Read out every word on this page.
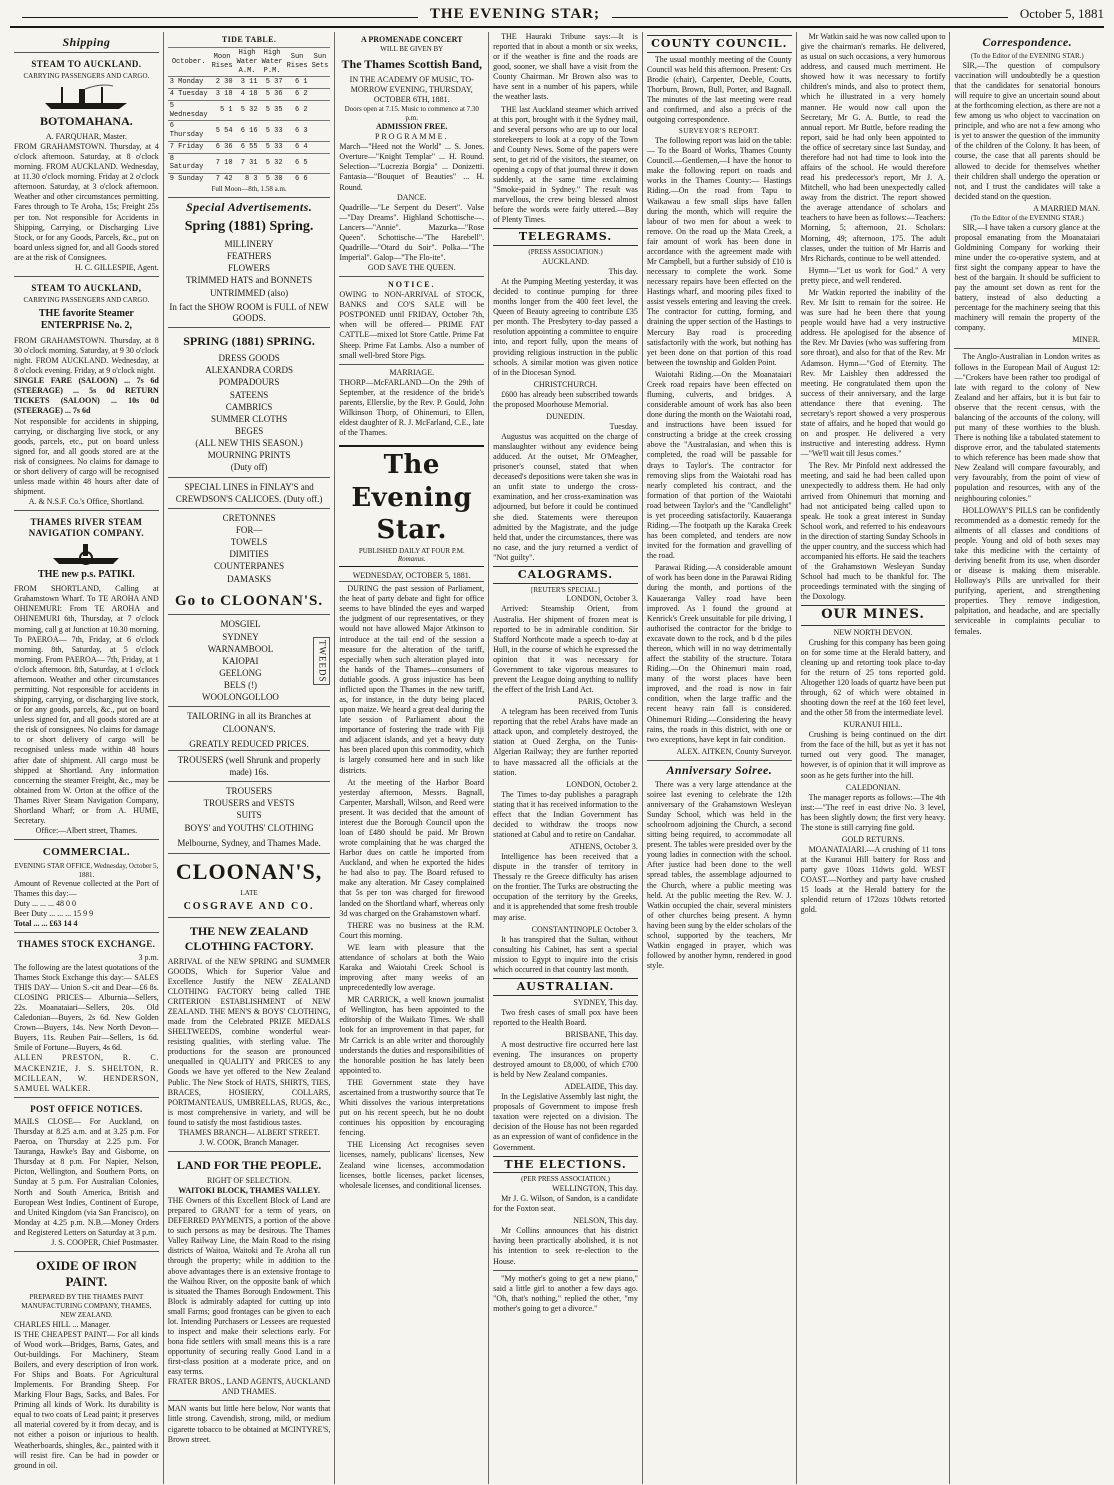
THE EVENING STAR;	October 5, 1881
Shipping
STEAM TO AUCKLAND.
CARRYING PASSENGERS AND CARGO.
BOTOMAHANA.
A. FARQUHAR, Master.
FROM GRAHAMSTOWN. Thursday, at 4 o'clock afternoon. Saturday, at 8 o'clock morning. FROM AUCKLAND. Wednesday, at 11.30 o'clock morning. Friday at 2 o'clock afternoon. Saturday, at 3 o'clock afternoon. Weather and other circumstances permitting. Fares through to Te Aroha, 15s; Freight 25s per ton. Not responsible for Accidents in Shipping, Carrying, or Discharging Live Stock, or for any Goods, Parcels, &c., put on board unless signed for, and all Goods stored are at the risk of Consignees.
H. C. GILLESPIE, Agent.
STEAM TO AUCKLAND,
CARRYING PASSENGERS AND CARGO.
THE favorite Steamer ENTERPRISE No. 2,
FROM GRAHAMSTOWN. Thursday, at 8 30 o'clock morning. Saturday, at 9 30 o'clock night. FROM AUCKLAND. Wednesday, at 8 o'clock evening. Friday, at 9 o'clock night.
SINGLE FARE (SALOON) ... 7s 6d (STEERAGE) ... 5s 0d RETURN TICKETS (SALOON) ... 10s 0d (STEERAGE) ... 7s 6d
Not responsible for accidents in shipping, carrying, or discharging live stock, or any goods, parcels, etc., put on board unless signed for, and all goods stored are at the risk of consignees. No claims for damage to or short delivery of cargo will be recognised unless made within 48 hours after date of shipment.
A. & N.S.F. Co.'s Office, Shortland.
THAMES RIVER STEAM NAVIGATION COMPANY.
THE new p.s. PATIKI.
FROM SHORTLAND, Calling at Grahamstown Wharf. To TE AROHA AND OHINEMURI: From TE AROHA and OHINEMURI 6th, Thursday, at 7 o'clock morning, call g at Junction at 10.30 morning. To PAEROA— 7th, Friday, at 6 o'clock morning. 8th, Saturday, at 5 o'clock morning. From PAEROA— 7th, Friday, at 1 o'clock afternoon. 8th, Saturday, at 1 o'clock afternoon. Weather and other circumstances permitting. Not responsible for accidents in shipping, carrying, or discharging live stock, or for any goods, parcels, &c., put on board unless signed for, and all goods stored are at the risk of consignees. No claims for damage to or short delivery of cargo will be recognised unless made within 48 hours after date of shipment. All cargo must be shipped at Shortland. Any information concerning the steamer Freight, &c., may be obtained from W. Orton at the office of the Thames River Steam Navigation Company, Shortland Wharf; or from A. HUME, Secretary.
Office:—Albert street, Thames.
COMMERCIAL.
EVENING STAR OFFICE, Wednesday, October 5, 1881.
Amount of Revenue collected at the Port of Thames this day:—
Duty ... ... ... 48 0 0
Beer Duty ... ... ... 15 9 9
Total ... ... £63 14 4
THAMES STOCK EXCHANGE.
3 p.m.
The following are the latest quotations of the Thames Stock Exchange this day:— SALES THIS DAY— Union S.-cit and Dear—£6 8s. CLOSING PRICES— Alburnia—Sellers, 22s. Moanataiari—Sellers, 20s. Old Caledonian—Buyers, 2s 6d. New Golden Crown—Buyers, 14s. New North Devon—Buyers, 11s. Reuben Pair—Sellers, 1s 6d. Smile of Fortune—Buyers, 4s 6d.
ALLEN PRESTON, R. C. MACKENZIE, J. S. SHELTON, R. MCILLEAN, W. HENDERSON, SAMUEL WALKER.
POST OFFICE NOTICES.
MAILS CLOSE— For Auckland, on Thursday at 8.25 a.m. and at 3.25 p.m. For Paeroa, on Thursday at 2.25 p.m. For Tauranga, Hawke's Bay and Gisborne, on Thursday at 8 p.m. For Napier, Nelson, Picton, Wellington, and Southern Ports, on Sunday at 5 p.m. For Australian Colonies, North and South America, British and European West Indies, Continent of Europe, and United Kingdom (via San Francisco), on Monday at 4.25 p.m. N.B.—Money Orders and Registered Letters on Saturday at 3 p.m.
J. S. COOPER, Chief Postmaster.
OXIDE OF IRON PAINT.
PREPARED BY THE THAMES PAINT MANUFACTURING COMPANY, THAMES, NEW ZEALAND.
CHARLES HILL ... Manager.
IS THE CHEAPEST PAINT— For all kinds of Wood work—Bridges, Barns, Gates, and Out-buildings. For Machinery, Steam Boilers, and every description of Iron work. For Ships and Boats. For Agricultural Implements. For Branding Sheep. For Marking Flour Bags, Sacks, and Bales. For Priming all kinds of Work. Its durability is equal to two coats of Lead paint; it preserves all material covered by it from decay, and is not either a poison or injurious to health. Weatherboards, shingles, &c., painted with it will resist fire. Can be had in powder or ground in oil.
TIDE TABLE.
October.	Moon Rises	High Water A.M.	High Water P.M.	Sun Rises	Sun Sets
3 Monday	2 30	3 11	5 37	6 1	
4 Tuesday	3 18	4 18	5 36	6 2	
5 Wednesday	5 1	5 32	5 35	6 2	
6 Thursday	5 54	6 16	5 33	6 3	
7 Friday	6 36	6 55	5 33	6 4	
8 Saturday	7 10	7 31	5 32	6 5	
9 Sunday	7 42	8 3	5 30	6 6	
Full Moon—8th, 1.58 a.m.
Special Advertisements.
Spring (1881) Spring.
MILLINERY
FEATHERS
FLOWERS
TRIMMED HATS and BONNETS
UNTRIMMED (also)
In fact the SHOW ROOM is FULL of NEW GOODS.
SPRING (1881) SPRING.
DRESS GOODS
ALEXANDRA CORDS
POMPADOURS
SATEENS
CAMBRICS
SUMMER CLOTHS
BEGES
(ALL NEW THIS SEASON.)
MOURNING PRINTS
(Duty off)
SPECIAL LINES in FINLAY'S and CREWDSON'S CALICOES. (Duty off.)
CRETONNES
FOR—
TOWELS
DIMITIES
COUNTERPANES
DAMASKS
Go to CLOONAN'S.
MOSGIEL
SYDNEY
WARNAMBOOL
KAIOPAI
GEELONG
BELS (!)
WOOLONGOLLOO
TWEEDS
TAILORING in all its Branches at CLOONAN'S.
GREATLY REDUCED PRICES.
TROUSERS (well Shrunk and properly made) 16s.
TROUSERS
TROUSERS and VESTS
SUITS
BOYS' and YOUTHS' CLOTHING
Melbourne, Sydney, and Thames Made.
CLOONAN'S,
LATE
COSGRAVE AND CO.
THE NEW ZEALAND CLOTHING FACTORY.
ARRIVAL of the NEW SPRING and SUMMER GOODS, Which for Superior Value and Excellence Justify the NEW ZEALAND CLOTHING FACTORY being called THE CRITERION ESTABLISHMENT of NEW ZEALAND. THE MEN'S & BOYS' CLOTHING, made from the Celebrated PRIZE MEDALS SHELTWEEDS, combine wonderful wear-resisting qualities, with sterling value. The productions for the season are pronounced unequalled in QUALITY and PRICES to any Goods we have yet offered to the New Zealand Public. The New Stock of HATS, SHIRTS, TIES, BRACES, HOSIERY, COLLARS, PORTMANTEAUS, UMBRELLAS, RUGS, &c., is most comprehensive in variety, and will be found to satisfy the most fastidious tastes.
THAMES BRANCH— ALBERT STREET.
J. W. COOK, Branch Manager.
LAND FOR THE PEOPLE.
RIGHT OF SELECTION.
WAITOKI BLOCK, THAMES VALLEY.
THE Owners of this Excellent Block of Land are prepared to GRANT for a term of years, on DEFERRED PAYMENTS, a portion of the above to such persons as may be desirous. The Thames Valley Railway Line, the Main Road to the rising districts of Waitoa, Waitoki and Te Aroha all run through the property; while in addition to the above advantages there is an extensive frontage to the Waihou River, on the opposite bank of which is situated the Thames Borough Endowment. This Block is admirably adapted for cutting up into small Farms; good frontages can be given to each lot. Intending Purchasers or Lessees are requested to inspect and make their selections early. For bona fide settlers with small means this is a rare opportunity of securing really Good Land in a first-class position at a moderate price, and on easy terms.
FRATER BROS., LAND AGENTS, AUCKLAND AND THAMES.
MAN wants but little here below, Nor wants that little strong. Cavendish, strong, mild, or medium cigarette tobacco to be obtained at MCINTYRE'S, Brown street.
A PROMENADE CONCERT
WILL BE GIVEN BY
The Thames Scottish Band,
IN THE ACADEMY OF MUSIC, TO-MORROW EVENING, THURSDAY, OCTOBER 6TH, 1881.
Doors open at 7.15. Music to commence at 7.30 p.m.
ADMISSION FREE.
PROGRAMME.
March—"Heed not the World" ... S. Jones. Overture—"Knight Templar" ... H. Round. Selection—"Lucrezia Borgia" ... Donizetti. Fantasia—"Bouquet of Beauties" ... H. Round.
DANCE.
Quadrille—"Le Serpent du Desert". Valse—"Day Dreams". Highland Schottische—. Lancers—"Annie". Mazurka—"Rose Queen". Schottische—"The Harebell". Quadrille—"Otard du Soir". Polka—"The Imperial". Galop—"The Flo-ite".
GOD SAVE THE QUEEN.
NOTICE.
OWING to NON-ARRIVAL of STOCK, BANKS and CO'S SALE will be POSTPONED until FRIDAY, October 7th, when will be offered— PRIME FAT CATTLE—mixed lot Store Cattle. Prime Fat Sheep. Prime Fat Lambs. Also a number of small well-bred Store Pigs.
MARRIAGE.
THORP—McFARLAND—On the 29th of September, at the residence of the bride's parents, Ellerslie, by the Rev. P. Gould, John Wilkinson Thorp, of Ohinemuri, to Ellen, eldest daughter of R. J. McFarland, C.E., late of the Thames.
The Evening Star.
PUBLISHED DAILY AT FOUR P.M.
Romanus.
WEDNESDAY, OCTOBER 5, 1881.
DURING the past session of Parliament, the heat of party debate and fight for office seems to have blinded the eyes and warped the judgment of our representatives, or they would not have allowed Major Atkinson to introduce at the tail end of the session a measure for the alteration of the tariff, especially when such alteration played into the hands of the Thames—consumers of dutiable goods. A gross injustice has been inflicted upon the Thames in the new tariff, as, for instance, in the duty being placed upon maize. We heard a great deal during the late session of Parliament about the importance of fostering the trade with Fiji and adjacent islands, and yet a heavy duty has been placed upon this commodity, which is largely consumed here and in such like districts.
At the meeting of the Harbor Board yesterday afternoon, Messrs. Bagnall, Carpenter, Marshall, Wilson, and Reed were present. It was decided that the amount of interest due the Borough Council upon the loan of £480 should be paid. Mr Brown wrote complaining that he was charged the Harbor dues on cattle he imported from Auckland, and when he exported the hides he had also to pay. The Board refused to make any alteration. Mr Casey complained that 5s per ton was charged for firewood landed on the Shortland wharf, whereas only 3d was charged on the Grahamstown wharf.
THERE was no business at the R.M. Court this morning.
WE learn with pleasure that the attendance of scholars at both the Waio Karaka and Waiotahi Creek School is improving after many weeks of an unprecedentedly low average.
MR CARRICK, a well known journalist of Wellington, has been appointed to the editorship of the Waikato Times. We shall look for an improvement in that paper, for Mr Carrick is an able writer and thoroughly understands the duties and responsibilities of the honorable position he has lately been appointed to.
THE Government state they have ascertained from a trustworthy source that Te Whiti dissolves the various interpretations put on his recent speech, but he no doubt continues his opposition by encouraging fencing.
THE Licensing Act recognises seven licenses, namely, publicans' licenses, New Zealand wine licenses, accommodation licenses, bottle licenses, packet licenses, wholesale licenses, and conditional licenses.
THE Hauraki Tribune says:—It is reported that in about a month or six weeks, or if the weather is fine and the roads are good, sooner, we shall have a visit from the County Chairman. Mr Brown also was to have sent in a number of his papers, while the weather lasts.
THE last Auckland steamer which arrived at this port, brought with it the Sydney mail, and several persons who are up to our local storekeepers to look at a copy of the Town and County News. Some of the papers were sent, to get rid of the visitors, the steamer, on opening a copy of that journal threw it down suddenly, at the same time exclaiming "Smoke-paid in Sydney." The result was marvellous, the crew being blessed almost before the words were fairly uttered.—Bay of Plenty Times.
TELEGRAMS.
(PRESS ASSOCIATION.)
AUCKLAND.
This day.
At the Pumping Meeting yesterday, it was decided to continue pumping for three months longer from the 400 feet level, the Queen of Beauty agreeing to contribute £35 per month. The Presbytery to-day passed a resolution appointing a committee to enquire into, and report fully, upon the means of providing religious instruction in the public schools. A similar motion was given notice of in the Diocesan Synod.
CHRISTCHURCH.
£600 has already been subscribed towards the proposed Moorhouse Memorial.
DUNEDIN.
Tuesday.
Augustus was acquitted on the charge of manslaughter without any evidence being adduced. At the outset, Mr O'Meagher, prisoner's counsel, stated that when deceased's depositions were taken she was in an unfit state to undergo the cross-examination, and her cross-examination was adjourned, but before it could be continued she died. Statements were thereupon admitted by the Magistrate, and the judge held that, under the circumstances, there was no case, and the jury returned a verdict of "Not guilty".
CALOGRAMS.
[REUTER'S SPECIAL.]
LONDON, October 3.
Arrived: Steamship Orient, from Australia. Her shipment of frozen meat is reported to be in admirable condition. Sir Stafford Northcote made a speech to-day at Hull, in the course of which he expressed the opinion that it was necessary for Government to take vigorous measures to prevent the League doing anything to nullify the effect of the Irish Land Act.
PARIS, October 3.
A telegram has been received from Tunis reporting that the rebel Arabs have made an attack upon, and completely destroyed, the station at Oued Zergha, on the Tunis-Algerian Railway; they are further reported to have massacred all the officials at the station.
LONDON, October 2.
The Times to-day publishes a paragraph stating that it has received information to the effect that the Indian Government has decided to withdraw the troops now stationed at Cabul and to retire on Candahar.
ATHENS, October 3.
Intelligence has been received that a dispute in the transfer of territory in Thessaly re the Greece difficulty has arisen on the frontier. The Turks are obstructing the occupation of the territory by the Greeks, and it is apprehended that some fresh trouble may arise.
CONSTANTINOPLE October 3.
It has transpired that the Sultan, without consulting his Cabinet, has sent a special mission to Egypt to inquire into the crisis which occurred in that country last month.
AUSTRALIAN.
SYDNEY, This day.
Two fresh cases of small pox have been reported to the Health Board.
BRISBANE, This day.
A most destructive fire occurred here last evening. The insurances on property destroyed amount to £8,000, of which £700 is held by New Zealand companies.
ADELAIDE, This day.
In the Legislative Assembly last night, the proposals of Government to impose fresh taxation were rejected on a division. The decision of the House has not been regarded as an expression of want of confidence in the Government.
THE ELECTIONS.
(PER PRESS ASSOCIATION.)
WELLINGTON, This day.
Mr J. G. Wilson, of Sandon, is a candidate for the Foxton seat.
NELSON, This day.
Mr Collins announces that his district having been practically abolished, it is not his intention to seek re-election to the House.
"My mother's going to get a new piano," said a little girl to another a few days ago. "Oh, that's nothing," replied the other, "my mother's going to get a divorce."
COUNTY COUNCIL.
The usual monthly meeting of the County Council was held this afternoon. Present: Crs Brodie (chair), Carpenter, Deeble, Coutts, Thorburn, Brown, Bull, Porter, and Bagnall. The minutes of the last meeting were read and confirmed, and also a précis of the outgoing correspondence.
SURVEYOR'S REPORT.
The following report was laid on the table:— To the Board of Works, Thames County Council.—Gentlemen,—I have the honor to make the following report on roads and works in the Thames County:— Hastings Riding.—On the road from Tapu to Waikawau a few small slips have fallen during the month, which will require the labour of two men for about a week to remove. On the road up the Mata Creek, a fair amount of work has been done in accordance with the agreement made with Mr Campbell, but a further subsidy of £10 is necessary to complete the work. Some necessary repairs have been effected on the Hastings wharf, and mooring piles fixed to assist vessels entering and leaving the creek. The contractor for cutting, forming, and draining the upper section of the Hastings to Mercury Bay road is proceeding satisfactorily with the work, but nothing has yet been done on that portion of this road between the township and Golden Point.
Waiotahi Riding.—On the Moanataiari Creek road repairs have been effected on fluming, culverts, and bridges. A considerable amount of work has also been done during the month on the Waiotahi road, and instructions have been issued for constructing a bridge at the creek crossing above the "Australasian, and when this is completed, the road will be passable for drays to Taylor's. The contractor for removing slips from the Waiotahi road has nearly completed his contract, and the formation of that portion of the Waiotahi road between Taylor's and the "Candlelight" is yet proceeding satisfactorily. Kauaeranga Riding.—The footpath up the Karaka Creek has been completed, and tenders are now invited for the formation and gravelling of the road.
Parawai Riding.—A considerable amount of work has been done in the Parawai Riding during the month, and portions of the Kauaeranga Valley road have been improved. As I found the ground at Kenrick's Creek unsuitable for pile driving, I authorised the contractor for the bridge to excavate down to the rock, and b d the piles thereon, which will in no way detrimentally affect the stability of the structure. Totara Riding.—On the Ohinemuri main road, many of the worst places have been improved, and the road is now in fair condition, when the large traffic and the recent heavy rain fall is considered. Ohinemuri Riding.—Considering the heavy rains, the roads in this district, with one or two exceptions, have kept in fair condition.
ALEX. AITKEN, County Surveyor.
Anniversary Soiree.
There was a very large attendance at the soiree last evening to celebrate the 12th anniversary of the Grahamstown Wesleyan Sunday School, which was held in the schoolroom adjoining the Church, a second sitting being required, to accommodate all present. The tables were presided over by the young ladies in connection with the school. After justice had been done to the well spread tables, the assemblage adjourned to the Church, where a public meeting was held. At the public meeting the Rev. W. J. Watkin occupied the chair, several ministers of other churches being present. A hymn having been sung by the elder scholars of the school, supported by the teachers, Mr Watkin engaged in prayer, which was followed by another hymn, rendered in good style.
Mr Watkin said he was now called upon to give the chairman's remarks. He delivered, as usual on such occasions, a very humorous address, and caused much merriment. He showed how it was necessary to fortify children's minds, and also to protect them, which he illustrated in a very homely manner. He would now call upon the Secretary, Mr G. A. Buttle, to read the annual report. Mr Buttle, before reading the report, said he had only been appointed to the office of secretary since last Sunday, and therefore had not had time to look into the affairs of the school. He would therefore read his predecessor's report, Mr J. A. Mitchell, who had been unexpectedly called away from the district. The report showed the average attendance of scholars and teachers to have been as follows:—Teachers: Morning, 5; afternoon, 21. Scholars: Morning, 49; afternoon, 175. The adult classes, under the tuition of Mr Harris and Mrs Richards, continue to be well attended.
Hymn—"Let us work for God." A very pretty piece, and well rendered.
Mr Watkin reported the inability of the Rev. Mr Isitt to remain for the soiree. He was sure had he been there that young people would have had a very instructive address. He apologised for the absence of the Rev. Mr Davies (who was suffering from sore throat), and also for that of the Rev. Mr Adamson. Hymn—"God of Eternity. The Rev. Mr Laishley then addressed the meeting. He congratulated them upon the success of their anniversary, and the large attendance there that evening. The secretary's report showed a very prosperous state of affairs, and he hoped that would go on and prosper. He delivered a very instructive and interesting address. Hymn—"We'll wait till Jesus comes."
The Rev. Mr Pinfold next addressed the meeting, and said he had been called upon unexpectedly to address them. He had only arrived from Ohinemuri that morning and had not anticipated being called upon to speak. He took a great interest in Sunday School work, and referred to his endeavours in the direction of starting Sunday Schools in the upper country, and the success which had accompanied his efforts. He said the teachers of the Grahamstown Wesleyan Sunday School had much to be thankful for. The proceedings terminated with the singing of the Doxology.
OUR MINES.
NEW NORTH DEVON.
Crushing for this company has been going on for some time at the Herald battery, and cleaning up and retorting took place to-day for the return of 25 tons reported gold. Altogether 120 loads of quartz have been put through, 62 of which were obtained in shooting down the reef at the 160 feet level, and the other 58 from the intermediate level.
KURANUI HILL.
Crushing is being continued on the dirt from the face of the hill, but as yet it has not turned out very good. The manager, however, is of opinion that it will improve as soon as he gets further into the hill.
CALEDONIAN.
The manager reports as follows:—The 4th inst:—"The reef in east drive No. 3 level, has been slightly down; the first very heavy. The stone is still carrying fine gold.
GOLD RETURNS.
MOANATAIARI.—A crushing of 11 tons at the Kuranui Hill battery for Ross and party gave 10ozs 11dwts gold. WEST COAST.—Northey and party have crushed 15 loads at the Herald battery for the splendid return of 172ozs 10dwts retorted gold.
Correspondence.
(To the Editor of the EVENING STAR.)
SIR,—The question of compulsory vaccination will undoubtedly be a question that the candidates for senatorial honours will require to give an uncertain sound about at the forthcoming election, as there are not a few among us who object to vaccination on principle, and who are not a few among who is yet to answer the question of the immunity of the children of the Colony. It has been, of course, the case that all parents should be allowed to decide for themselves whether their children shall undergo the operation or not, and I trust the candidates will take a decided stand on the question.
A MARRIED MAN.
(To the Editor of the EVENING STAR.)
SIR,—I have taken a cursory glance at the proposal emanating from the Moanataiari Goldmining Company for working their mine under the co-operative system, and at first sight the company appear to have the best of the bargain. It should be sufficient to pay the amount set down as rent for the battery, instead of also deducting a percentage for the machinery seeing that this machinery will remain the property of the company.
MINER.
The Anglo-Australian in London writes as follows in the European Mail of August 12:—"Crokers have been rather too prodigal of late with regard to the colony of New Zealand and her affairs, but it is but fair to observe that the recent census, with the balancing of the accounts of the colony, will put many of these worthies to the blush. There is nothing like a tabulated statement to disprove error, and the tabulated statements to which reference has been made show that New Zealand will compare favourably, and very favourably, from the point of view of population and resources, with any of the neighbouring colonies."
HOLLOWAY'S PILLS can be confidently recommended as a domestic remedy for the ailments of all classes and conditions of people. Young and old of both sexes may take this medicine with the certainty of deriving benefit from its use, when disorder or disease is making them miserable. Holloway's Pills are unrivalled for their purifying, aperient, and strengthening properties. They remove indigestion, palpitation, and headache, and are specially serviceable in complaints peculiar to females.
